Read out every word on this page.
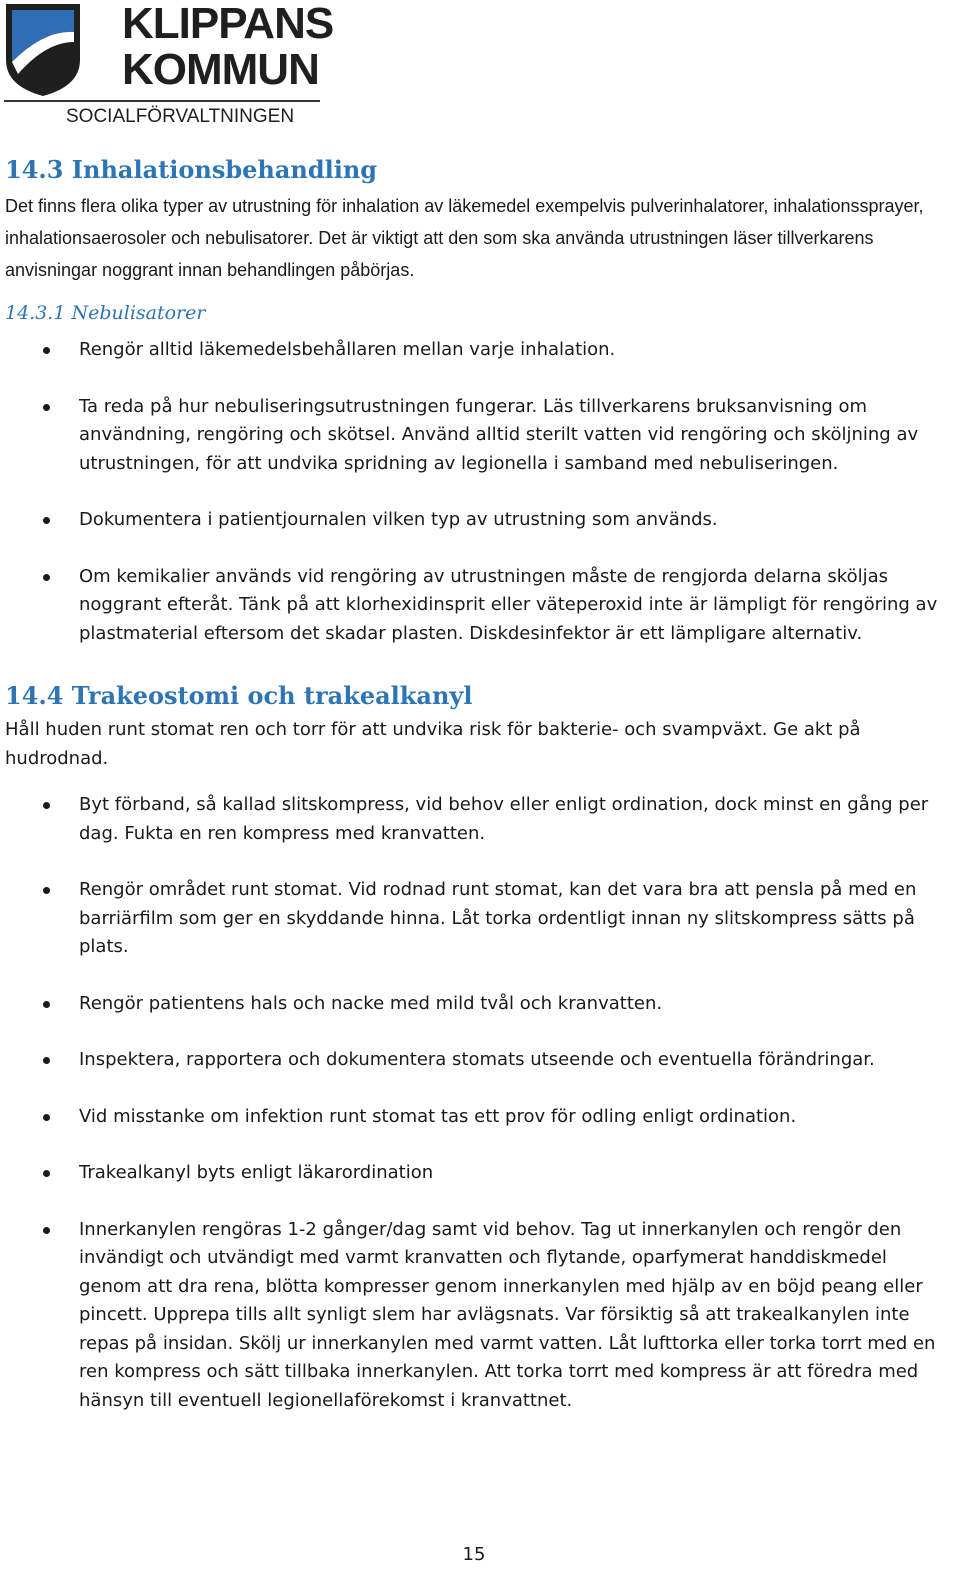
KLIPPANS
KOMMUN
SOCIALFÖRVALTNINGEN
14.3 Inhalationsbehandling

Det finns flera olika typer av utrustning för inhalation av läkemedel exempelvis pulverinhalatorer, inhalationssprayer, inhalationsaerosoler och nebulisatorer. Det är viktigt att den som ska använda utrustningen läser tillverkarens anvisningar noggrant innan behandlingen påbörjas.

14.3.1 Nebulisatorer
Rengör alltid läkemedelsbehållaren mellan varje inhalation.
Ta reda på hur nebuliseringsutrustningen fungerar. Läs tillverkarens bruksanvisning om användning, rengöring och skötsel. Använd alltid sterilt vatten vid rengöring och sköljning av utrustningen, för att undvika spridning av legionella i samband med nebuliseringen.
Dokumentera i patientjournalen vilken typ av utrustning som används.
Om kemikalier används vid rengöring av utrustningen måste de rengjorda delarna sköljas noggrant efteråt. Tänk på att klorhexidinsprit eller väteperoxid inte är lämpligt för rengöring av plastmaterial eftersom det skadar plasten. Diskdesinfektor är ett lämpligare alternativ.
14.4 Trakeostomi och trakealkanyl

Håll huden runt stomat ren och torr för att undvika risk för bakterie- och svampväxt. Ge akt på hudrodnad.

Byt förband, så kallad slitskompress, vid behov eller enligt ordination, dock minst en gång per dag. Fukta en ren kompress med kranvatten.
Rengör området runt stomat. Vid rodnad runt stomat, kan det vara bra att pensla på med en barriärfilm som ger en skyddande hinna. Låt torka ordentligt innan ny slitskompress sätts på plats.
Rengör patientens hals och nacke med mild tvål och kranvatten.
Inspektera, rapportera och dokumentera stomats utseende och eventuella förändringar.
Vid misstanke om infektion runt stomat tas ett prov för odling enligt ordination.
Trakealkanyl byts enligt läkarordination
Innerkanylen rengöras 1-2 gånger/dag samt vid behov. Tag ut innerkanylen och rengör den invändigt och utvändigt med varmt kranvatten och flytande, oparfymerat handdiskmedel genom att dra rena, blötta kompresser genom innerkanylen med hjälp av en böjd peang eller pincett. Upprepa tills allt synligt slem har avlägsnats. Var försiktig så att trakealkanylen inte repas på insidan. Skölj ur innerkanylen med varmt vatten. Låt lufttorka eller torka torrt med en ren kompress och sätt tillbaka innerkanylen. Att torka torrt med kompress är att föredra med hänsyn till eventuell legionellaförekomst i kranvattnet.
15
